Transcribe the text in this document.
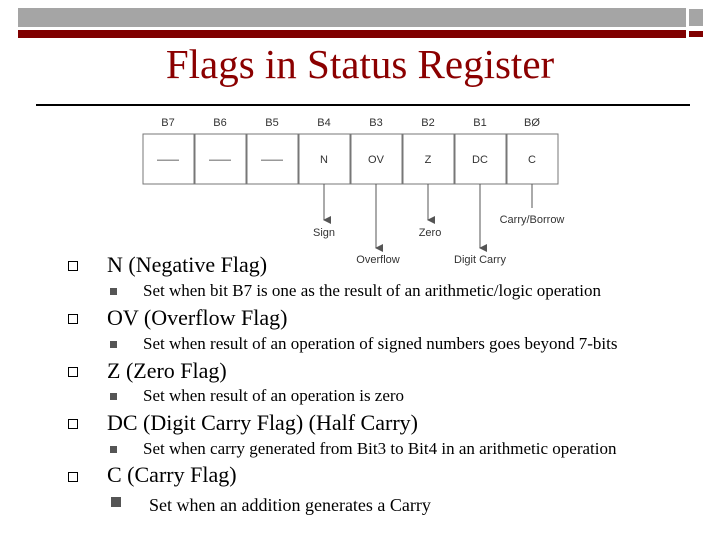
Flags in Status Register
B7	B6	B5	B4	B3	B2	B1	BØ
——	——	——	N	OV	Z	DC	C
Sign	Zero
Carry/Borrow
Overflow	Digit Carry
N (Negative Flag)
Set when bit B7 is one as the result of an arithmetic/logic operation
OV (Overflow Flag)
Set when result of an operation of signed numbers goes beyond 7-bits
Z (Zero Flag)
Set when result of an operation is zero
DC (Digit Carry Flag) (Half Carry)
Set when carry generated from Bit3 to Bit4 in an arithmetic operation
C (Carry Flag)
Set when an addition generates a Carry
